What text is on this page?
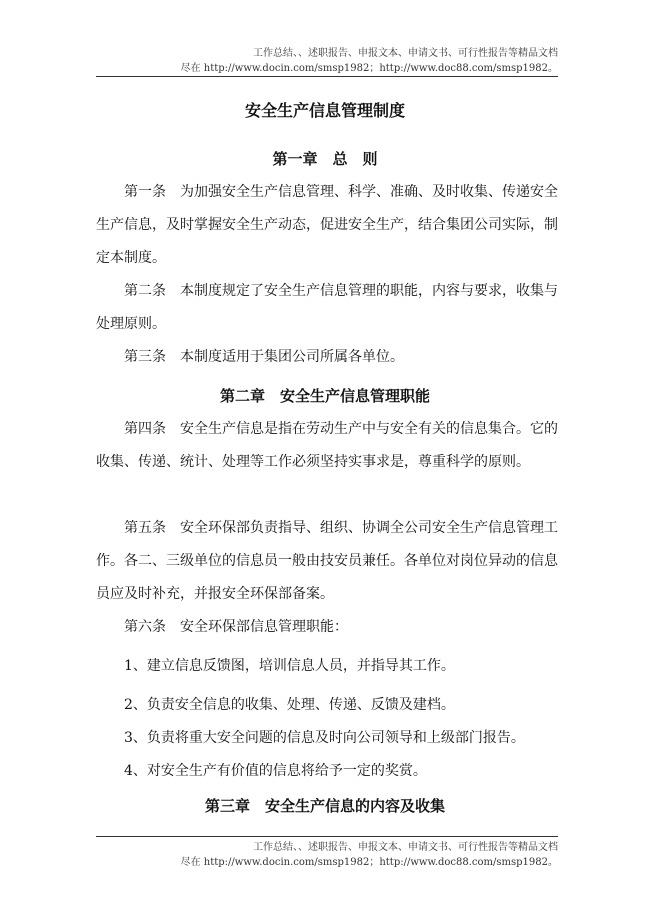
工作总结、、述职报告、申报文本、申请文书、可行性报告等精品文档
尽在 http://www.docin.com/smsp1982；http://www.doc88.com/smsp1982。
安全生产信息管理制度
第一章　总　则
第一条　为加强安全生产信息管理、科学、准确、及时收集、传递安全生产信息，及时掌握安全生产动态，促进安全生产，结合集团公司实际，制定本制度。
第二条　本制度规定了安全生产信息管理的职能，内容与要求，收集与处理原则。
第三条　本制度适用于集团公司所属各单位。
第二章　安全生产信息管理职能
第四条　安全生产信息是指在劳动生产中与安全有关的信息集合。它的收集、传递、统计、处理等工作必须坚持实事求是，尊重科学的原则。
第五条　安全环保部负责指导、组织、协调全公司安全生产信息管理工作。各二、三级单位的信息员一般由技安员兼任。各单位对岗位异动的信息员应及时补充，并报安全环保部备案。
第六条　安全环保部信息管理职能：
1、建立信息反馈图，培训信息人员，并指导其工作。
2、负责安全信息的收集、处理、传递、反馈及建档。
3、负责将重大安全问题的信息及时向公司领导和上级部门报告。
4、对安全生产有价值的信息将给予一定的奖赏。
第三章　安全生产信息的内容及收集
工作总结、、述职报告、申报文本、申请文书、可行性报告等精品文档
尽在 http://www.docin.com/smsp1982；http://www.doc88.com/smsp1982。
